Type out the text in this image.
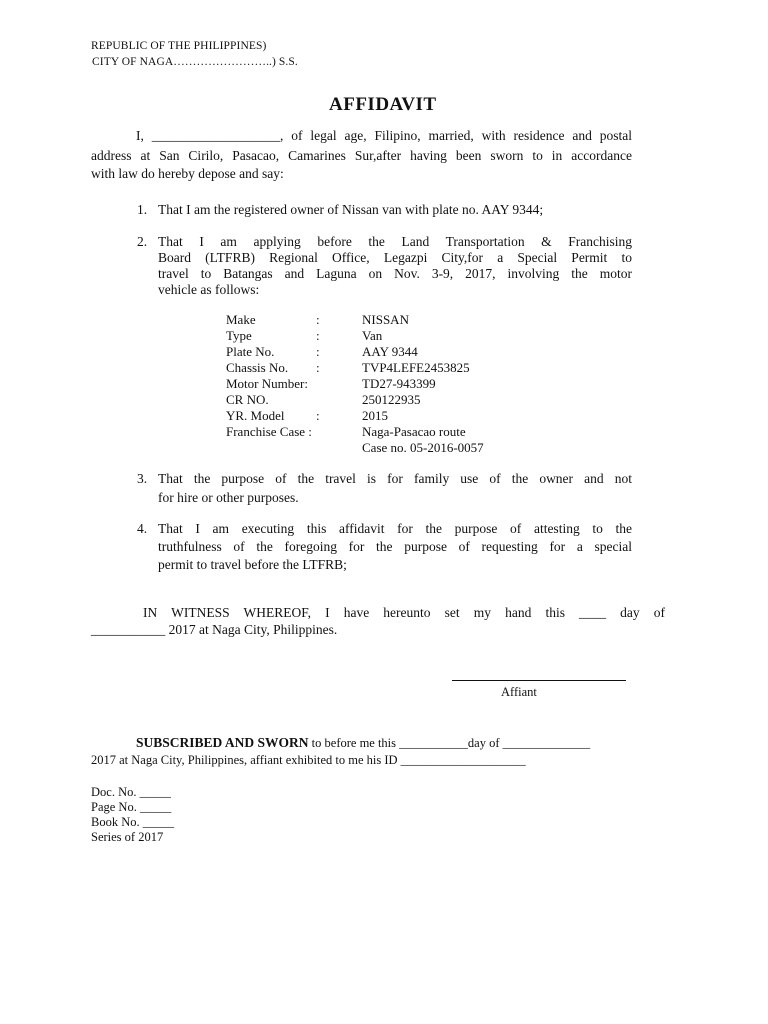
REPUBLIC OF THE PHILIPPINES)
CITY OF NAGA……………………..) S.S.
AFFIDAVIT
I, ___________________, of legal age, Filipino, married, with residence and postal
address at San Cirilo, Pasacao, Camarines Sur,after having been sworn to in accordance
with law do hereby depose and say:
1. That I am the registered owner of Nissan van with plate no. AAY 9344;
2. That I am applying before the Land Transportation & Franchising
Board (LTFRB) Regional Office, Legazpi City,for a Special Permit to
travel to Batangas and Laguna on Nov. 3-9, 2017, involving the motor
vehicle as follows:
Make	:	NISSAN
Type	:	Van
Plate No.	:	AAY 9344
Chassis No. :	TVP4LEFE2453825
Motor Number:	TD27-943399
CR NO.	250122935
YR. Model :	2015
Franchise Case :	Naga-Pasacao route
Case no. 05-2016-0057
3. That the purpose of the travel is for family use of the owner and not
for hire or other purposes.
4. That I am executing this affidavit for the purpose of attesting to the
truthfulness of the foregoing for the purpose of requesting for a special
permit to travel before the LTFRB;
IN WITNESS WHEREOF, I have hereunto set my hand this ____ day of
___________ 2017 at Naga City, Philippines.
Affiant
SUBSCRIBED AND SWORN to before me this ___________day of ______________
2017 at Naga City, Philippines, affiant exhibited to me his ID ____________________
Doc. No. _____
Page No. _____
Book No. _____
Series of 2017
